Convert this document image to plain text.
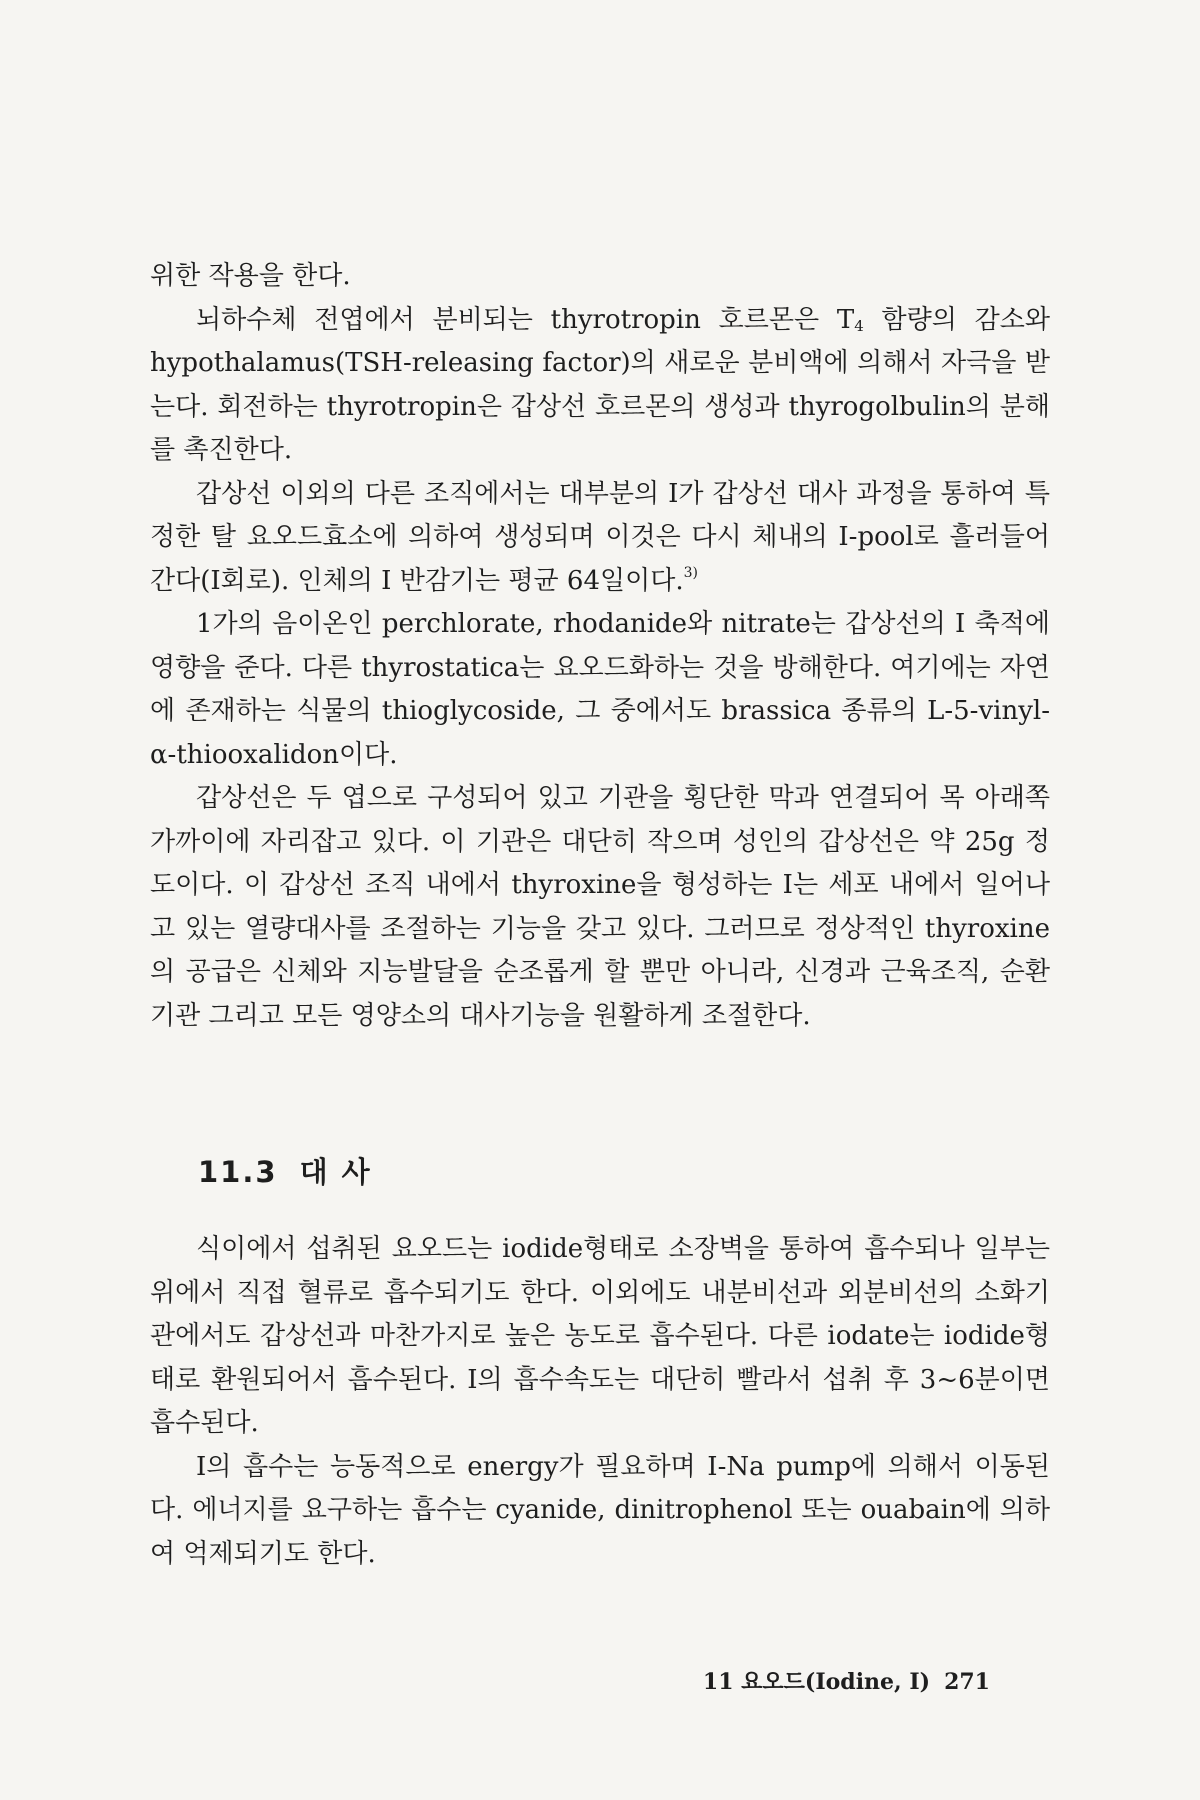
위한 작용을 한다.

뇌하수체 전엽에서 분비되는 thyrotropin 호르몬은 $T_4$ 함량의 감소와 hypothalamus(TSH-releasing factor)의 새로운 분비액에 의해서 자극을 받는다. 회전하는 thyrotropin은 갑상선 호르몬의 생성과 thyrogolbulin의 분해를 촉진한다.

갑상선 이외의 다른 조직에서는 대부분의 I가 갑상선 대사 과정을 통하여 특정한 탈 요오드효소에 의하여 생성되며 이것은 다시 체내의 I-pool로 흘러들어간다(I회로). 인체의 I 반감기는 평균 64일이다.$^{3)}$

1가의 음이온인 perchlorate, rhodanide와 nitrate는 갑상선의 I 축적에 영향을 준다. 다른 thyrostatica는 요오드화하는 것을 방해한다. 여기에는 자연에 존재하는 식물의 thioglycoside, 그 중에서도 brassica 종류의 L-5-vinyl-α-thiooxalidon이다.

갑상선은 두 엽으로 구성되어 있고 기관을 횡단한 막과 연결되어 목 아래쪽 가까이에 자리잡고 있다. 이 기관은 대단히 작으며 성인의 갑상선은 약 25g 정도이다. 이 갑상선 조직 내에서 thyroxine을 형성하는 I는 세포 내에서 일어나고 있는 열량대사를 조절하는 기능을 갖고 있다. 그러므로 정상적인 thyroxine의 공급은 신체와 지능발달을 순조롭게 할 뿐만 아니라, 신경과 근육조직, 순환기관 그리고 모든 영양소의 대사기능을 원활하게 조절한다.

11.3 대 사

식이에서 섭취된 요오드는 iodide형태로 소장벽을 통하여 흡수되나 일부는 위에서 직접 혈류로 흡수되기도 한다. 이외에도 내분비선과 외분비선의 소화기관에서도 갑상선과 마찬가지로 높은 농도로 흡수된다. 다른 iodate는 iodide형태로 환원되어서 흡수된다. I의 흡수속도는 대단히 빨라서 섭취 후 3~6분이면 흡수된다.

I의 흡수는 능동적으로 energy가 필요하며 I-Na pump에 의해서 이동된다. 에너지를 요구하는 흡수는 cyanide, dinitrophenol 또는 ouabain에 의하여 억제되기도 한다.

11 요오드(Iodine, I) 271
